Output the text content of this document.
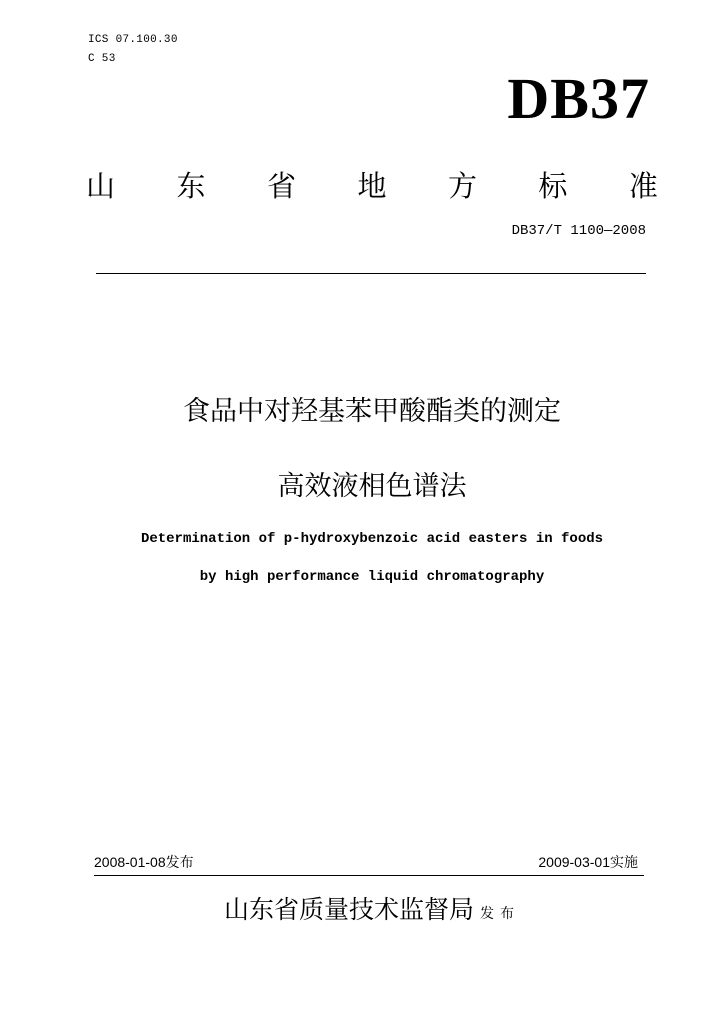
ICS 07.100.30
C 53
DB37
山 东 省 地 方 标 准
DB37/T 1100—2008
食品中对羟基苯甲酸酯类的测定
高效液相色谱法
Determination of p-hydroxybenzoic acid easters in foods
by high performance liquid chromatography
2008-01-08发布	2009-03-01实施
山东省质量技术监督局 发布
